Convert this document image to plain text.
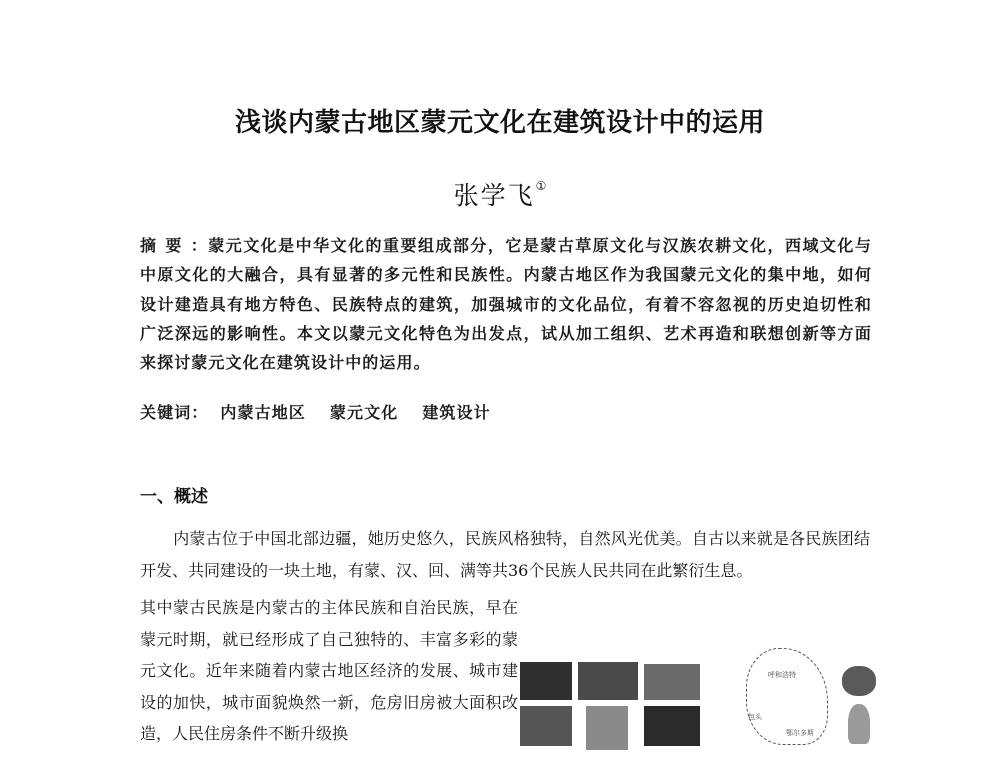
浅谈内蒙古地区蒙元文化在建筑设计中的运用
张学飞①
摘要：蒙元文化是中华文化的重要组成部分，它是蒙古草原文化与汉族农耕文化，西域文化与中原文化的大融合，具有显著的多元性和民族性。内蒙古地区作为我国蒙元文化的集中地，如何设计建造具有地方特色、民族特点的建筑，加强城市的文化品位，有着不容忽视的历史迫切性和广泛深远的影响性。本文以蒙元文化特色为出发点，试从加工组织、艺术再造和联想创新等方面来探讨蒙元文化在建筑设计中的运用。
关键词： 内蒙古地区 蒙元文化 建筑设计
一、概述
内蒙古位于中国北部边疆，她历史悠久，民族风格独特，自然风光优美。自古以来就是各民族团结开发、共同建设的一块土地，有蒙、汉、回、满等共36个民族人民共同在此繁衍生息。
其中蒙古民族是内蒙古的主体民族和自治民族，早在蒙元时期，就已经形成了自己独特的、丰富多彩的蒙元文化。近年来随着内蒙古地区经济的发展、城市建设的加快，城市面貌焕然一新，危房旧房被大面积改造，人民住房条件不断升级换
呼和浩特
包头
鄂尔多斯
